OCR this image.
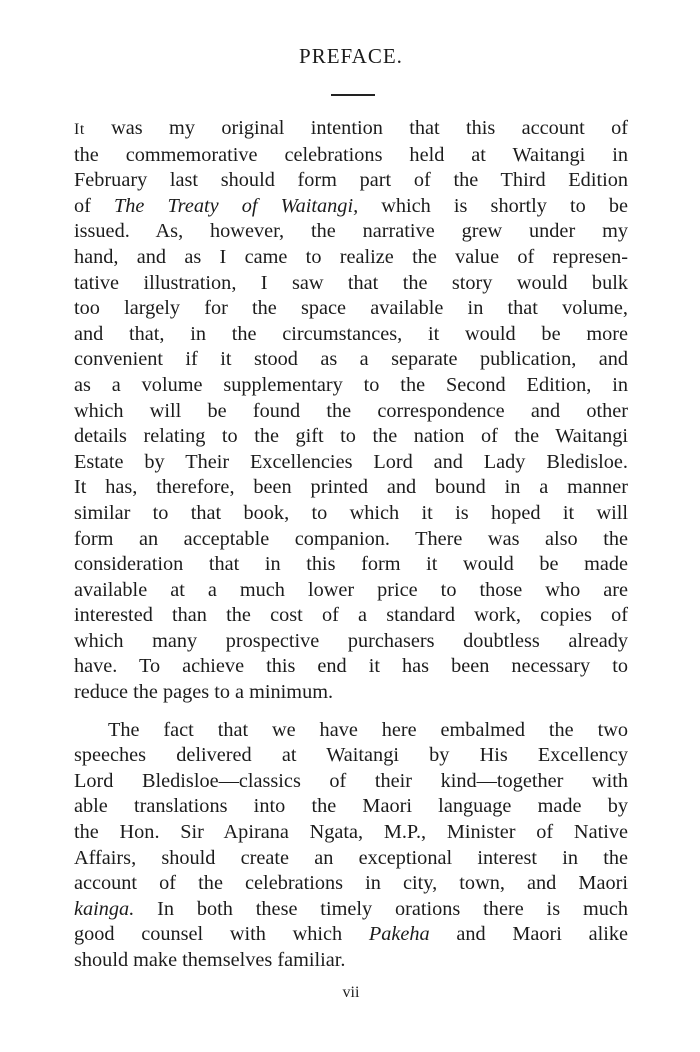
PREFACE.

It was my original intention that this account of
the commemorative celebrations held at Waitangi in
February last should form part of the Third Edition
of The Treaty of Waitangi, which is shortly to be
issued. As, however, the narrative grew under my
hand, and as I came to realize the value of represen-
tative illustration, I saw that the story would bulk
too largely for the space available in that volume,
and that, in the circumstances, it would be more
convenient if it stood as a separate publication, and
as a volume supplementary to the Second Edition, in
which will be found the correspondence and other
details relating to the gift to the nation of the Waitangi
Estate by Their Excellencies Lord and Lady Bledisloe.
It has, therefore, been printed and bound in a manner
similar to that book, to which it is hoped it will
form an acceptable companion. There was also the
consideration that in this form it would be made
available at a much lower price to those who are
interested than the cost of a standard work, copies of
which many prospective purchasers doubtless already
have. To achieve this end it has been necessary to
reduce the pages to a minimum.

The fact that we have here embalmed the two
speeches delivered at Waitangi by His Excellency
Lord Bledisloe—classics of their kind—together with
able translations into the Maori language made by
the Hon. Sir Apirana Ngata, M.P., Minister of Native
Affairs, should create an exceptional interest in the
account of the celebrations in city, town, and Maori
kainga. In both these timely orations there is much
good counsel with which Pakeha and Maori alike
should make themselves familiar.

vii
